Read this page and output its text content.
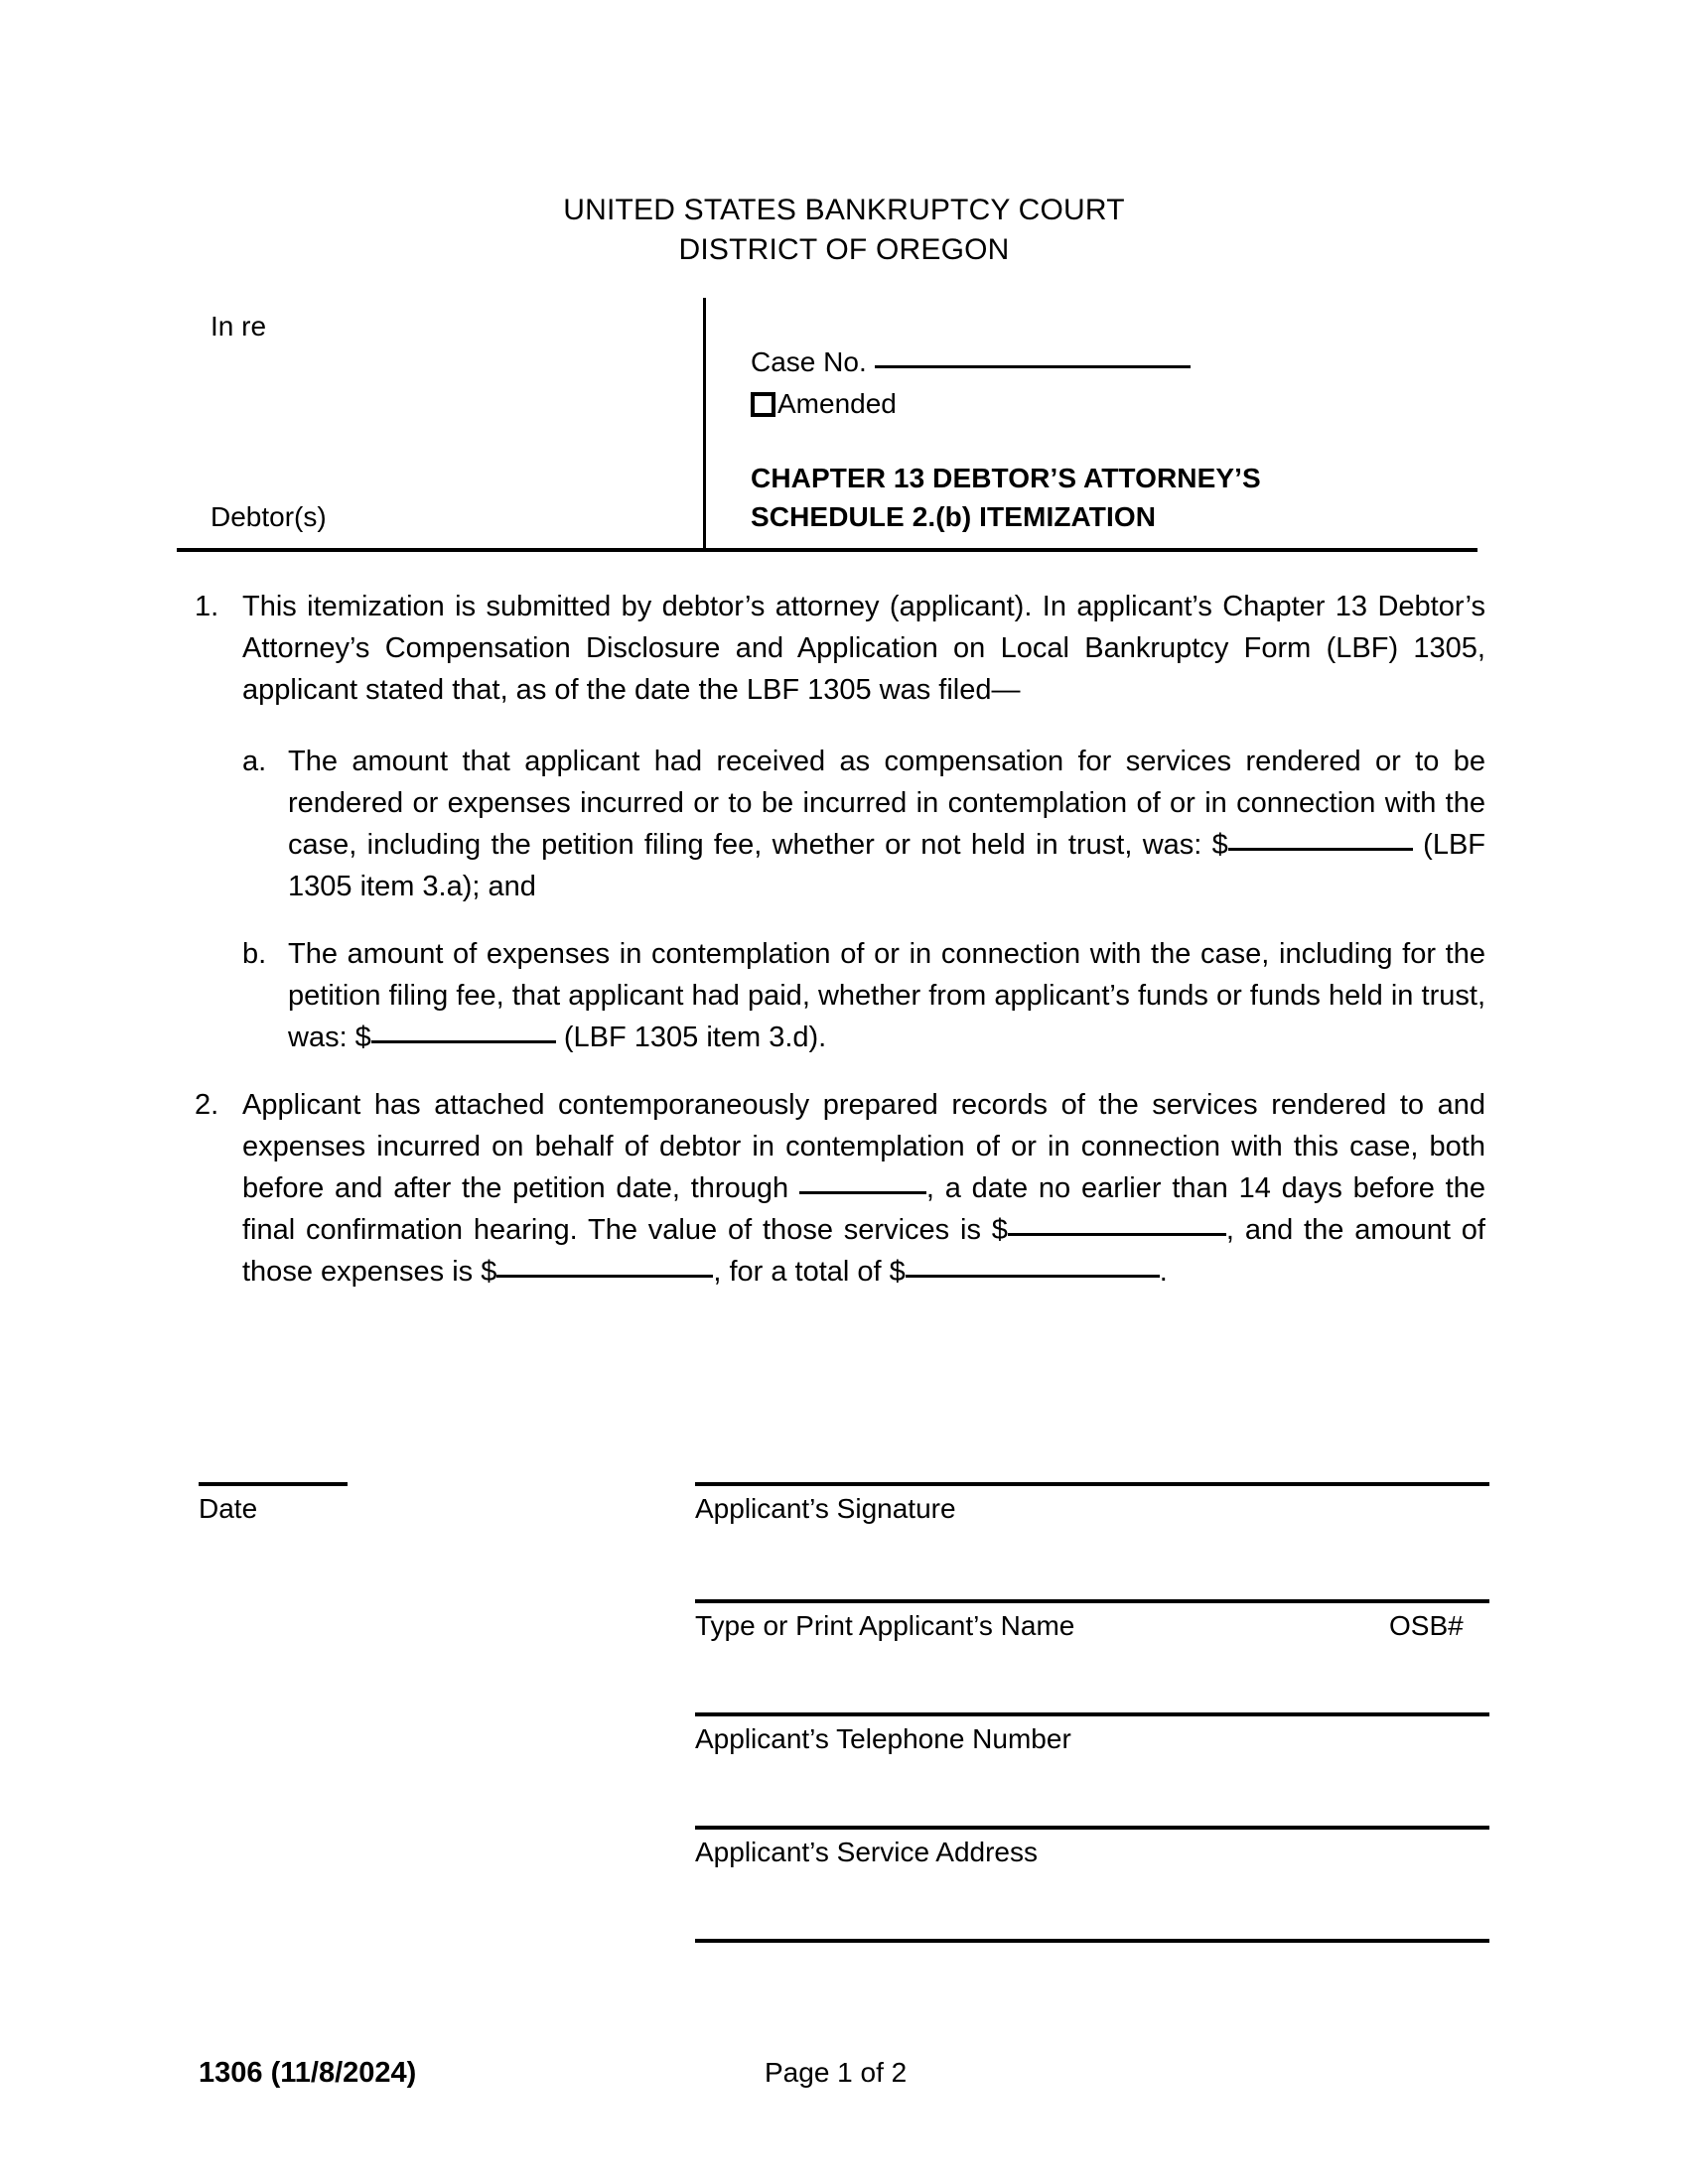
UNITED STATES BANKRUPTCY COURT
DISTRICT OF OREGON
In re
Debtor(s)
Case No.
Amended
CHAPTER 13 DEBTOR’S ATTORNEY’S
SCHEDULE 2.(b) ITEMIZATION
1. This itemization is submitted by debtor’s attorney (applicant). In applicant’s Chapter 13 Debtor’s Attorney’s Compensation Disclosure and Application on Local Bankruptcy Form (LBF) 1305, applicant stated that, as of the date the LBF 1305 was filed—
a. The amount that applicant had received as compensation for services rendered or to be rendered or expenses incurred or to be incurred in contemplation of or in connection with the case, including the petition filing fee, whether or not held in trust, was: $	(LBF 1305 item 3.a); and
b. The amount of expenses in contemplation of or in connection with the case, including for the petition filing fee, that applicant had paid, whether from applicant’s funds or funds held in trust, was: $	(LBF 1305 item 3.d).
2. Applicant has attached contemporaneously prepared records of the services rendered to and expenses incurred on behalf of debtor in contemplation of or in connection with this case, both before and after the petition date, through	, a date no earlier than 14 days before the final confirmation hearing. The value of those services is $	, and the amount of those expenses is $	, for a total of $	.
Date	Applicant’s Signature
Type or Print Applicant’s Name	OSB#
Applicant’s Telephone Number
Applicant’s Service Address
1306 (11/8/2024)	Page 1 of 2
